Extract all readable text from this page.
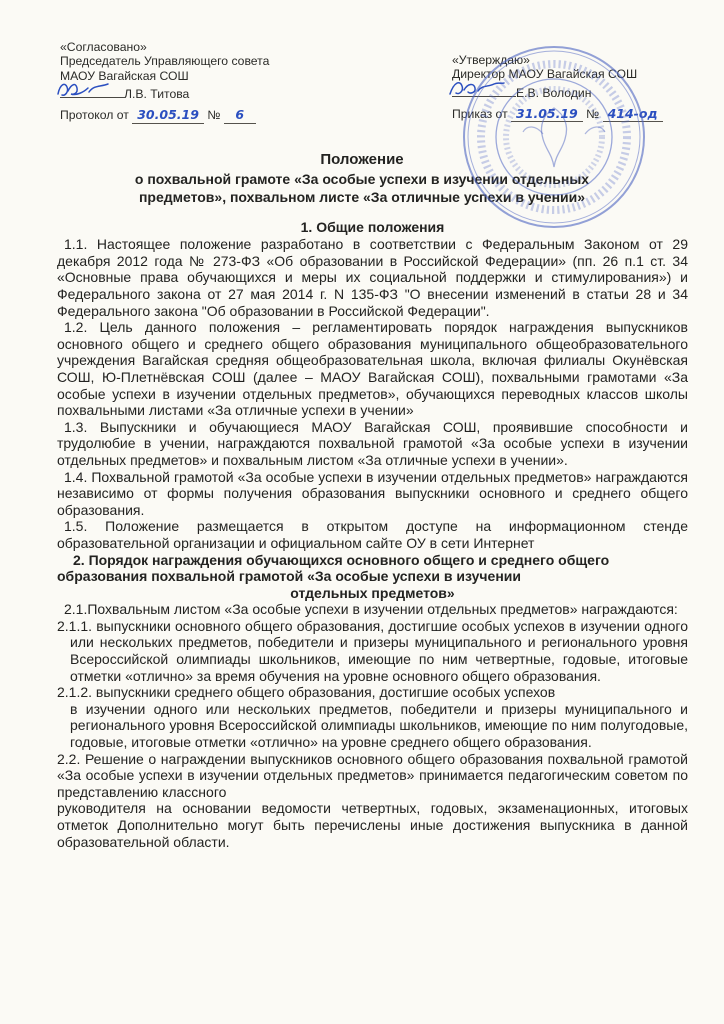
«Согласовано»
Председатель Управляющего совета
МАОУ Вагайская СОШ
Л.В. Титова
Протокол от 30.05.19 № 6
«Утверждаю»
Директор МАОУ Вагайская СОШ
Е.В. Володин
Приказ от 31.05.19 № 414-од
Положение
о похвальной грамоте «За особые успехи в изучении отдельных
предметов», похвальном листе «За отличные успехи в учении»
1. Общие положения

1.1. Настоящее положение разработано в соответствии с Федеральным Законом от 29 декабря 2012 года № 273-ФЗ «Об образовании в Российской Федерации» (пп. 26 п.1 ст. 34 «Основные права обучающихся и меры их социальной поддержки и стимулирования») и Федерального закона от 27 мая 2014 г. N 135-ФЗ "О внесении изменений в статьи 28 и 34 Федерального закона "Об образовании в Российской Федерации".

1.2. Цель данного положения – регламентировать порядок награждения выпускников основного общего и среднего общего образования муниципального общеобразовательного учреждения Вагайская средняя общеобразовательная школа, включая филиалы Окунёвская СОШ, Ю-Плетнёвская СОШ (далее – МАОУ Вагайская СОШ), похвальными грамотами «За особые успехи в изучении отдельных предметов», обучающихся переводных классов школы похвальными листами «За отличные успехи в учении»

1.3. Выпускники и обучающиеся МАОУ Вагайская СОШ, проявившие способности и трудолюбие в учении, награждаются похвальной грамотой «За особые успехи в изучении отдельных предметов» и похвальным листом «За отличные успехи в учении».

1.4. Похвальной грамотой «За особые успехи в изучении отдельных предметов» награждаются независимо от формы получения образования выпускники основного и среднего общего образования.

1.5. Положение размещается в открытом доступе на информационном стенде образовательной организации и официальном сайте ОУ в сети Интернет

2. Порядок награждения обучающихся основного общего и среднего общего
образования похвальной грамотой «За особые успехи в изучении
отдельных предметов»

2.1.Похвальным листом «За особые успехи в изучении отдельных предметов» награждаются:

2.1.1. выпускники основного общего образования, достигшие особых успехов в изучении одного или нескольких предметов, победители и призеры муниципального и регионального уровня Всероссийской олимпиады школьников, имеющие по ним четвертные, годовые, итоговые отметки «отлично» за время обучения на уровне основного общего образования.

2.1.2. выпускники среднего общего образования, достигшие особых успехов

в изучении одного или нескольких предметов, победители и призеры муниципального и регионального уровня Всероссийской олимпиады школьников, имеющие по ним полугодовые, годовые, итоговые отметки «отлично» на уровне среднего общего образования.

2.2. Решение о награждении выпускников основного общего образования похвальной грамотой «За особые успехи в изучении отдельных предметов» принимается педагогическим советом по представлению классного

руководителя на основании ведомости четвертных, годовых, экзаменационных, итоговых отметок Дополнительно могут быть перечислены иные достижения выпускника в данной образовательной области.
